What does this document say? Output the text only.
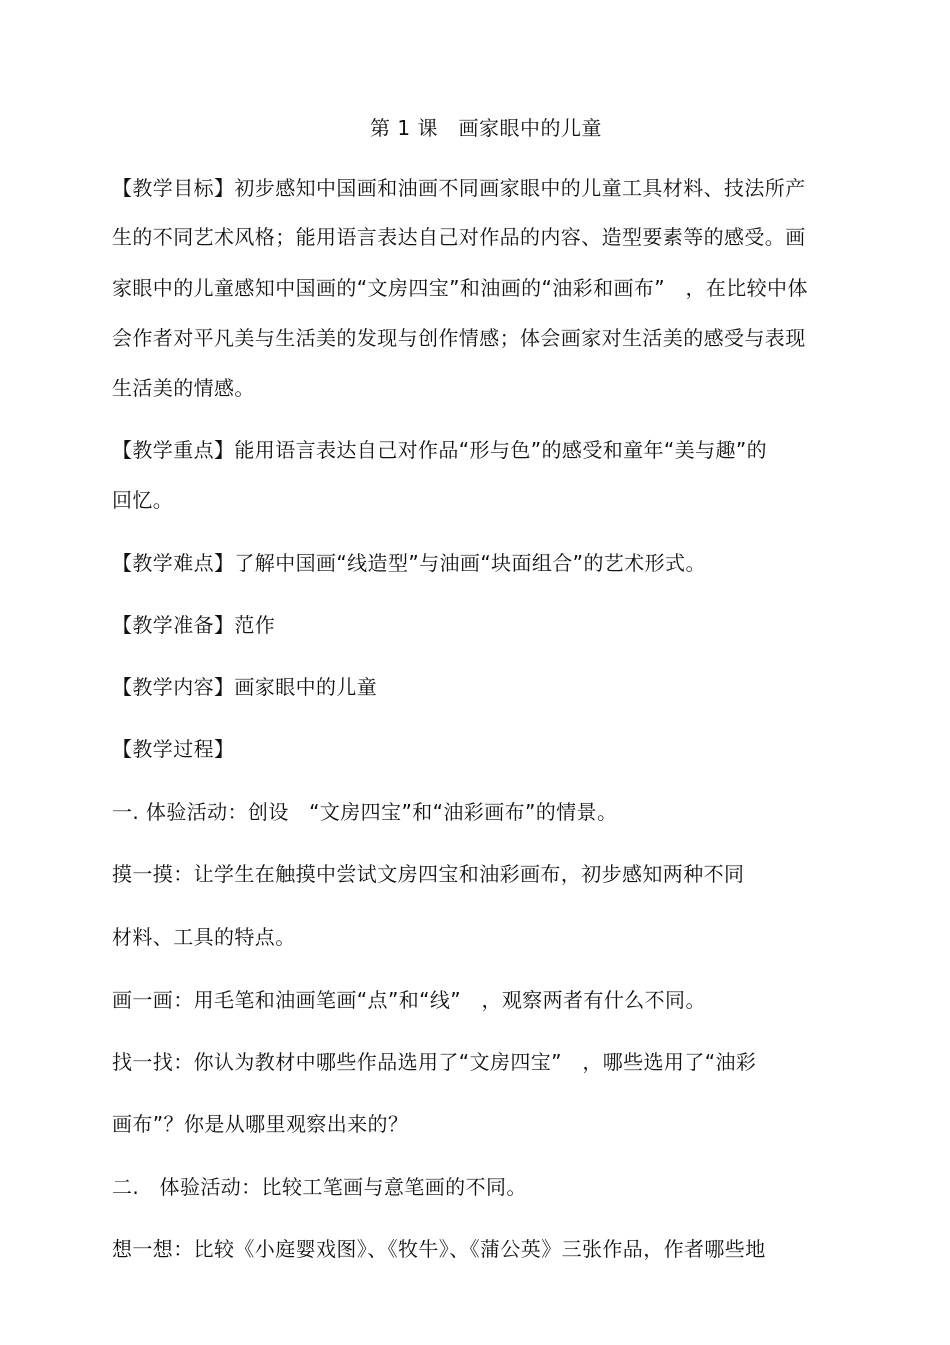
第 1 课　画家眼中的儿童
【教学目标】初步感知中国画和油画不同画家眼中的儿童工具材料、技法所产
生的不同艺术风格；能用语言表达自己对作品的内容、造型要素等的感受。画
家眼中的儿童感知中国画的“文房四宝”和油画的“油彩和画布”　，在比较中体
会作者对平凡美与生活美的发现与创作情感；体会画家对生活美的感受与表现
生活美的情感。
【教学重点】能用语言表达自己对作品“形与色”的感受和童年“美与趣”的
回忆。
【教学难点】了解中国画“线造型”与油画“块面组合”的艺术形式。
【教学准备】范作
【教学内容】画家眼中的儿童
【教学过程】
一. 体验活动：创设　“文房四宝”和“油彩画布”的情景。
摸一摸：让学生在触摸中尝试文房四宝和油彩画布，初步感知两种不同
材料、工具的特点。
画一画：用毛笔和油画笔画“点”和“线”　，观察两者有什么不同。
找一找：你认为教材中哪些作品选用了“文房四宝”　，哪些选用了“油彩
画布”？你是从哪里观察出来的？
二.　体验活动：比较工笔画与意笔画的不同。
想一想：比较《小庭婴戏图》、《牧牛》、《蒲公英》三张作品，作者哪些地
